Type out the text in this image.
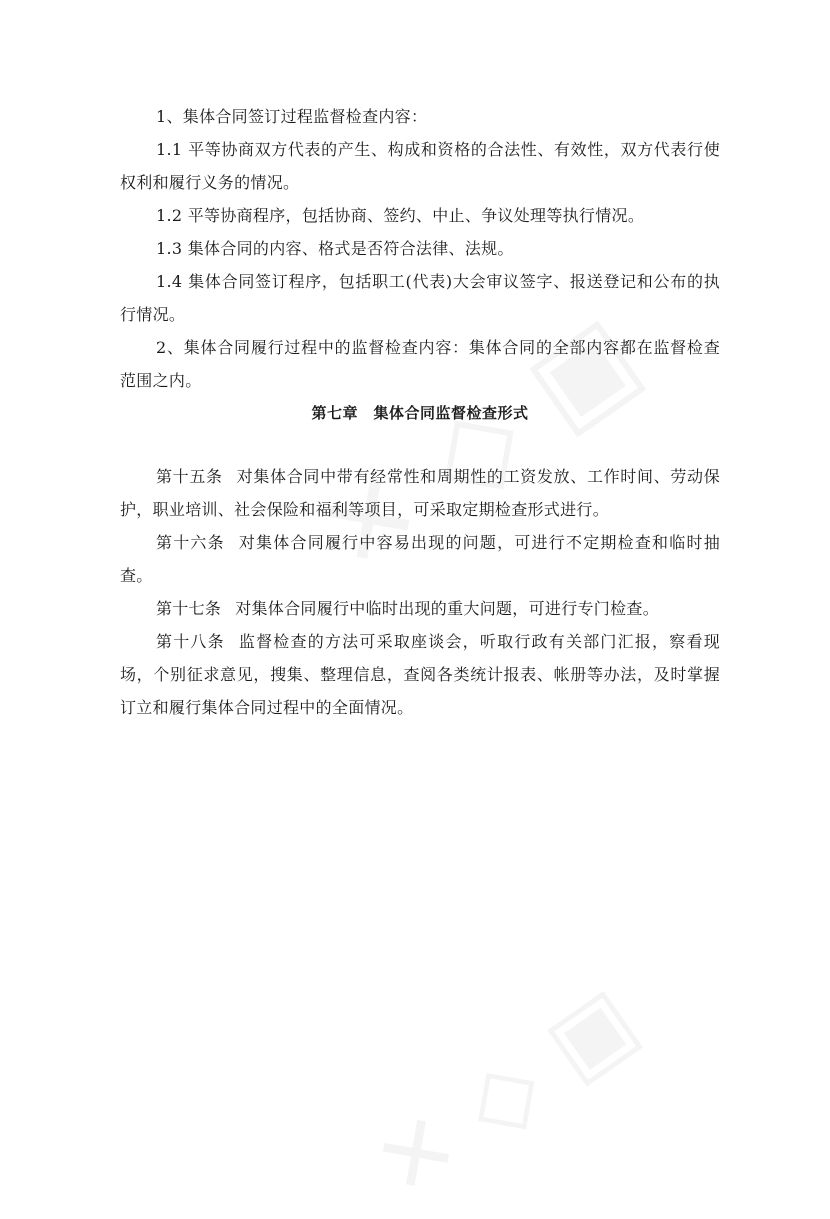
1、集体合同签订过程监督检查内容：

1.1 平等协商双方代表的产生、构成和资格的合法性、有效性，双方代表行使权利和履行义务的情况。

1.2 平等协商程序，包括协商、签约、中止、争议处理等执行情况。

1.3 集体合同的内容、格式是否符合法律、法规。

1.4 集体合同签订程序，包括职工(代表)大会审议签字、报送登记和公布的执行情况。

2、集体合同履行过程中的监督检查内容：集体合同的全部内容都在监督检查范围之内。

第七章　集体合同监督检查形式

第十五条 对集体合同中带有经常性和周期性的工资发放、工作时间、劳动保护，职业培训、社会保险和福利等项目，可采取定期检查形式进行。

第十六条 对集体合同履行中容易出现的问题，可进行不定期检查和临时抽查。

第十七条 对集体合同履行中临时出现的重大问题，可进行专门检查。

第十八条 监督检查的方法可采取座谈会，听取行政有关部门汇报，察看现场，个别征求意见，搜集、整理信息，查阅各类统计报表、帐册等办法，及时掌握订立和履行集体合同过程中的全面情况。
